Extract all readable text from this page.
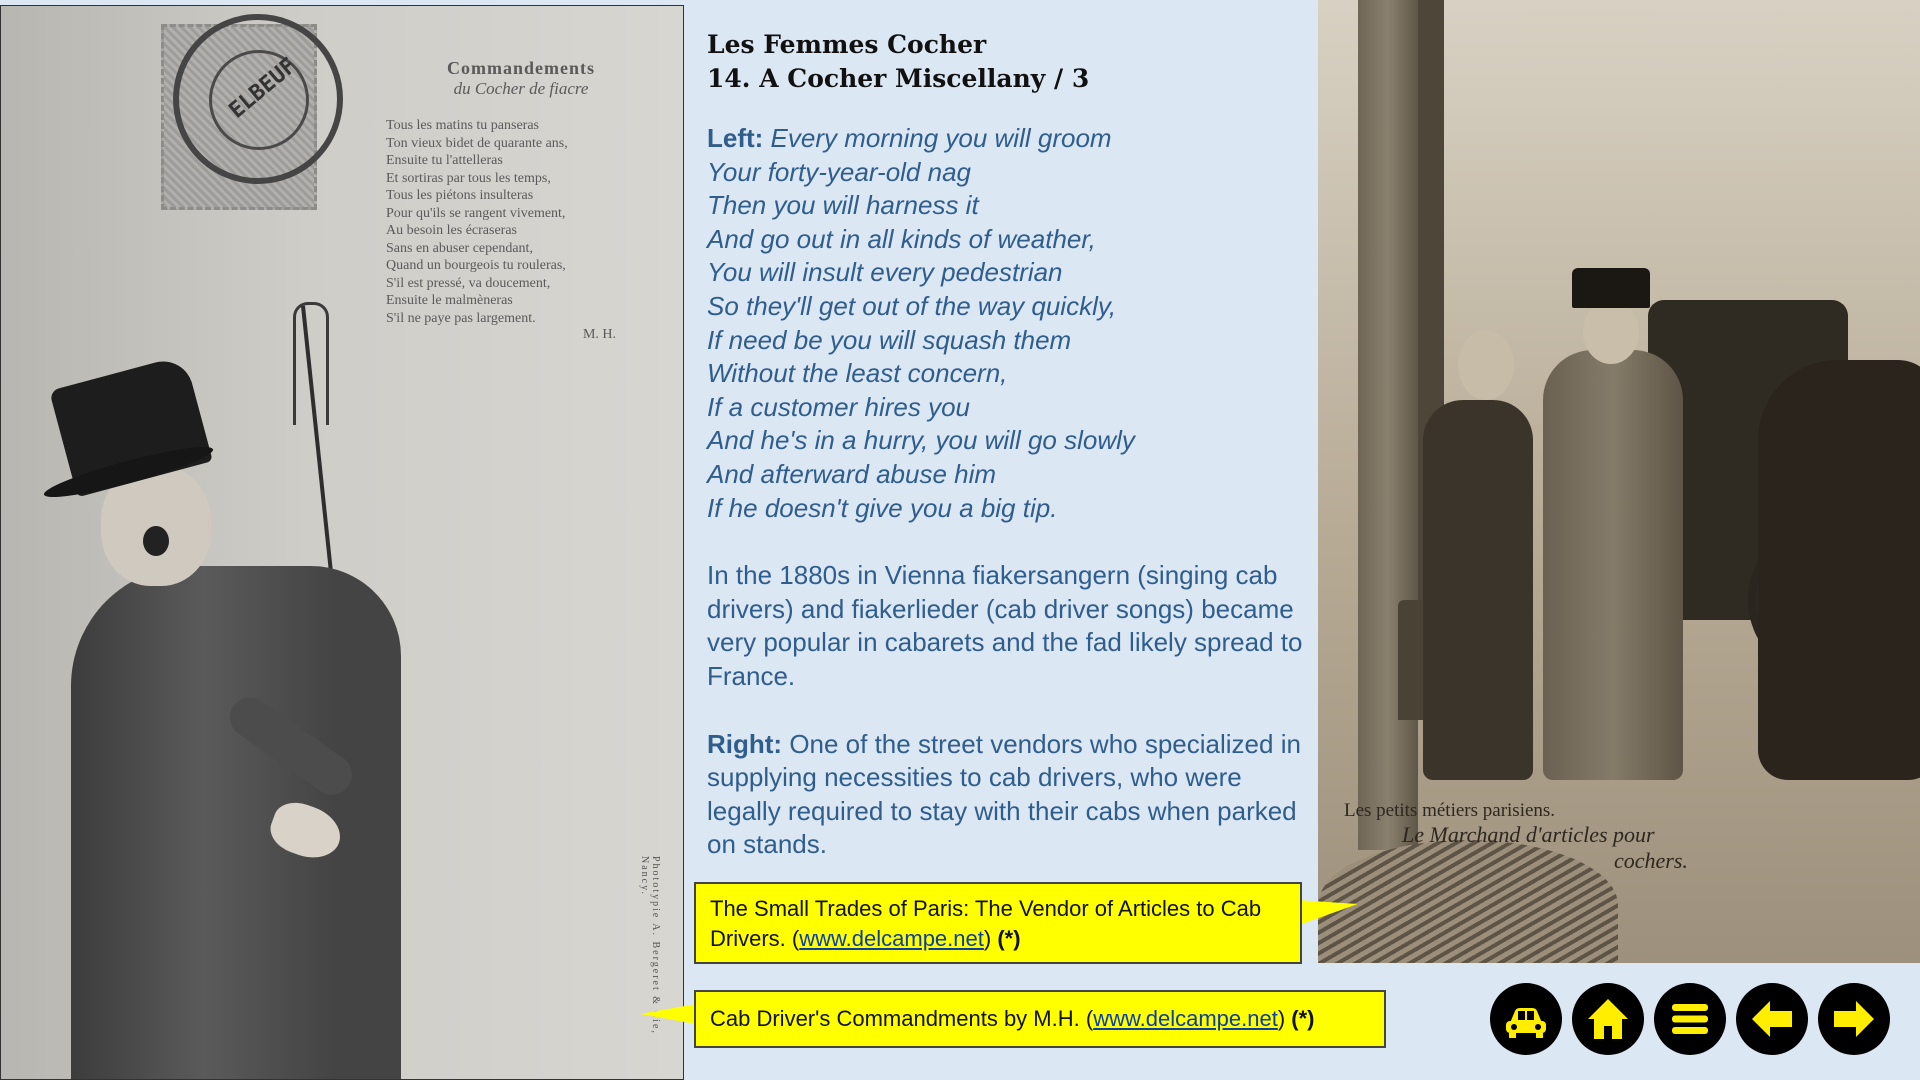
ELBEUF	Commandements
du Cocher de fiacre
Tous les matins tu panseras
Ton vieux bidet de quarante ans,
Ensuite tu l'attelleras
Et sortiras par tous les temps,
Tous les piétons insulteras
Pour qu'ils se rangent vivement,
Au besoin les écraseras
Sans en abuser cependant,
Quand un bourgeois tu rouleras,
S'il est pressé, va doucement,
Ensuite le malmèneras
S'il ne paye pas largement.
M. H.
Phototypie A. Bergeret & Cie, Nancy.
Les petits métiers parisiens.
Le Marchand d'articles pour
cochers.
Les Femmes Cocher
14. A Cocher Miscellany / 3
Left: Every morning you will groom
Your forty-year-old nag
Then you will harness it
And go out in all kinds of weather,
You will insult every pedestrian
So they'll get out of the way quickly,
If need be you will squash them
Without the least concern,
If a customer hires you
And he's in a hurry, you will go slowly
And afterward abuse him
If he doesn't give you a big tip.
In the 1880s in Vienna fiakersangern (singing cab drivers) and fiakerlieder (cab driver songs) became very popular in cabarets and the fad likely spread to France.
Right: One of the street vendors who specialized in supplying necessities to cab drivers, who were legally required to stay with their cabs when parked on stands.
The Small Trades of Paris: The Vendor of Articles to Cab Drivers. (www.delcampe.net) (*)
Cab Driver's Commandments by M.H. (www.delcampe.net) (*)
